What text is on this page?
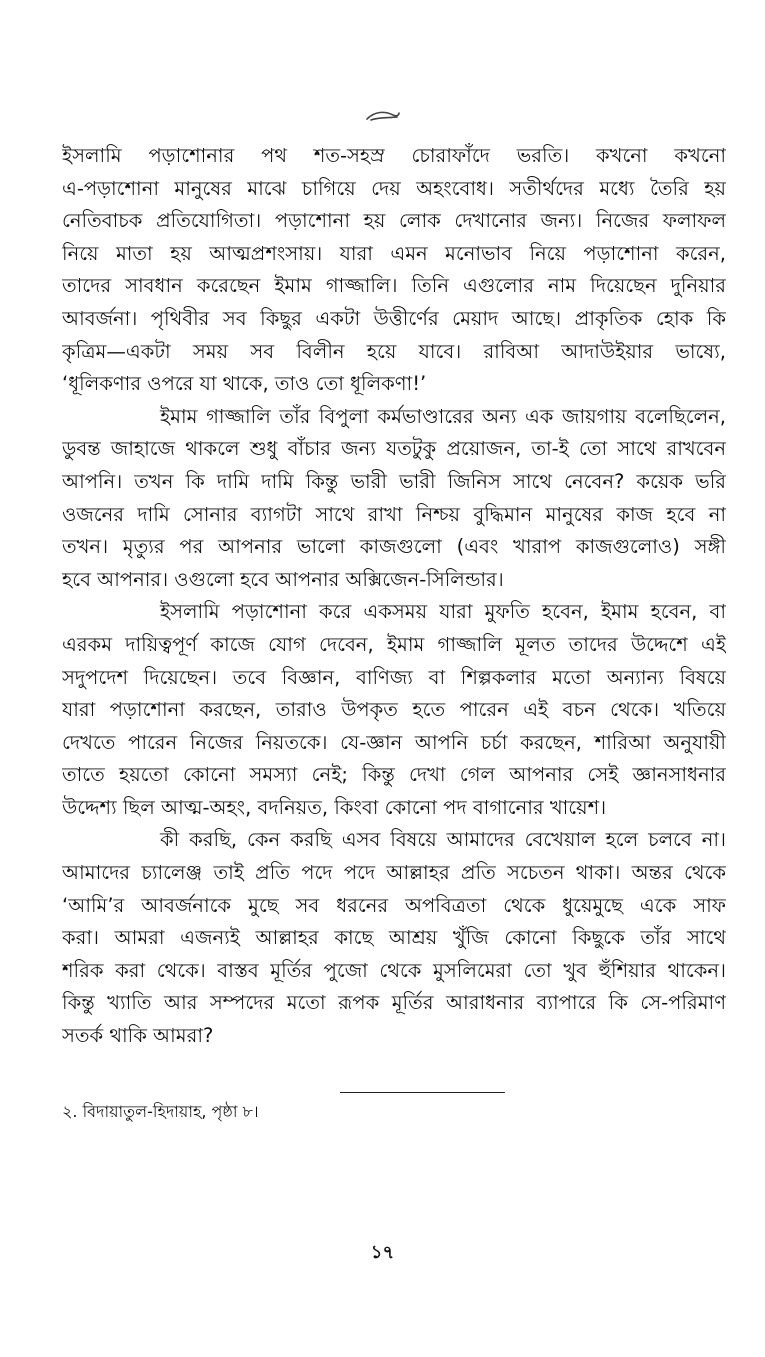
ইসলামি পড়াশোনার পথ শত-সহস্র চোরাফাঁদে ভরতি। কখনো কখনো
এ-পড়াশোনা মানুষের মাঝে চাগিয়ে দেয় অহংবোধ। সতীর্থদের মধ্যে তৈরি হয়
নেতিবাচক প্রতিযোগিতা। পড়াশোনা হয় লোক দেখানোর জন্য। নিজের ফলাফল
নিয়ে মাতা হয় আত্মপ্রশংসায়। যারা এমন মনোভাব নিয়ে পড়াশোনা করেন,
তাদের সাবধান করেছেন ইমাম গাজ্জালি। তিনি এগুলোর নাম দিয়েছেন দুনিয়ার
আবর্জনা। পৃথিবীর সব কিছুর একটা উত্তীর্ণের মেয়াদ আছে। প্রাকৃতিক হোক কি
কৃত্রিম—একটা সময় সব বিলীন হয়ে যাবে। রাবিআ আদাউইয়ার ভাষ্যে,
‘ধূলিকণার ওপরে যা থাকে, তাও তো ধূলিকণা!’

ইমাম গাজ্জালি তাঁর বিপুলা কর্মভাণ্ডারের অন্য এক জায়গায় বলেছিলেন,
ডুবন্ত জাহাজে থাকলে শুধু বাঁচার জন্য যতটুকু প্রয়োজন, তা-ই তো সাথে রাখবেন
আপনি। তখন কি দামি দামি কিন্তু ভারী ভারী জিনিস সাথে নেবেন? কয়েক ভরি
ওজনের দামি সোনার ব্যাগটা সাথে রাখা নিশ্চয় বুদ্ধিমান মানুষের কাজ হবে না
তখন। মৃত্যুর পর আপনার ভালো কাজগুলো (এবং খারাপ কাজগুলোও) সঙ্গী
হবে আপনার। ওগুলো হবে আপনার অক্সিজেন-সিলিন্ডার।

ইসলামি পড়াশোনা করে একসময় যারা মুফতি হবেন, ইমাম হবেন, বা
এরকম দায়িত্বপূর্ণ কাজে যোগ দেবেন, ইমাম গাজ্জালি মূলত তাদের উদ্দেশে এই
সদুপদেশ দিয়েছেন। তবে বিজ্ঞান, বাণিজ্য বা শিল্পকলার মতো অন্যান্য বিষয়ে
যারা পড়াশোনা করছেন, তারাও উপকৃত হতে পারেন এই বচন থেকে। খতিয়ে
দেখতে পারেন নিজের নিয়তকে। যে-জ্ঞান আপনি চর্চা করছেন, শারিআ অনুযায়ী
তাতে হয়তো কোনো সমস্যা নেই; কিন্তু দেখা গেল আপনার সেই জ্ঞানসাধনার
উদ্দেশ্য ছিল আত্ম-অহং, বদনিয়ত, কিংবা কোনো পদ বাগানোর খায়েশ।

কী করছি, কেন করছি এসব বিষয়ে আমাদের বেখেয়াল হলে চলবে না।
আমাদের চ্যালেঞ্জ তাই প্রতি পদে পদে আল্লাহর প্রতি সচেতন থাকা। অন্তর থেকে
‘আমি’র আবর্জনাকে মুছে সব ধরনের অপবিত্রতা থেকে ধুয়েমুছে একে সাফ
করা। আমরা এজন্যই আল্লাহর কাছে আশ্রয় খুঁজি কোনো কিছুকে তাঁর সাথে
শরিক করা থেকে। বাস্তব মূর্তির পুজো থেকে মুসলিমেরা তো খুব হুঁশিয়ার থাকেন।
কিন্তু খ্যাতি আর সম্পদের মতো রূপক মূর্তির আরাধনার ব্যাপারে কি সে-পরিমাণ
সতর্ক থাকি আমরা?

২. বিদায়াতুল-হিদায়াহ, পৃষ্ঠা ৮।
১৭
